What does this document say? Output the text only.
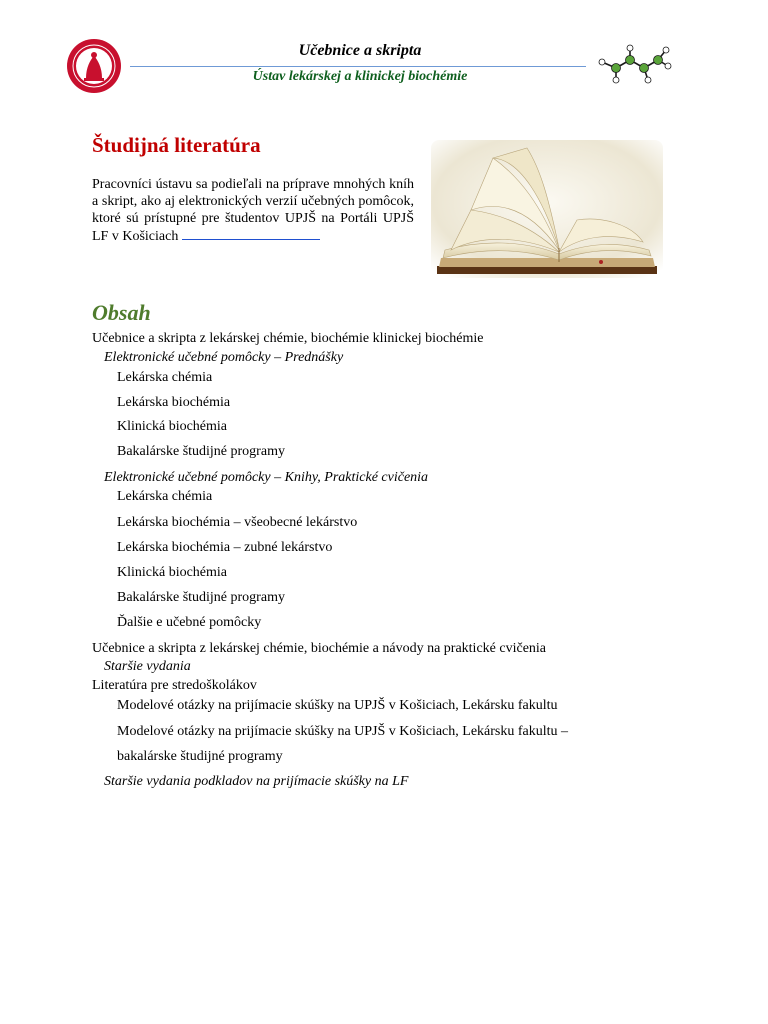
Učebnice a skripta
Ústav lekárskej a klinickej biochémie
Študijná literatúra
Pracovníci ústavu sa podieľali na príprave mnohých kníh a skript, ako aj elektronických verzií učebných pomôcok, ktoré sú prístupné pre študentov UPJŠ na Portáli UPJŠ LF v Košiciach
Obsah
Učebnice a skripta z lekárskej chémie, biochémie klinickej biochémie
Elektronické učebné pomôcky – Prednášky
Lekárska chémia
Lekárska biochémia
Klinická biochémia
Bakalárske študijné programy
Elektronické učebné pomôcky – Knihy, Praktické cvičenia
Lekárska chémia
Lekárska biochémia – všeobecné lekárstvo
Lekárska biochémia – zubné lekárstvo
Klinická biochémia
Bakalárske študijné programy
Ďalšie e učebné pomôcky
Učebnice a skripta z lekárskej chémie, biochémie a návody na praktické cvičenia
Staršie vydania
Literatúra pre stredoškolákov
Modelové otázky na prijímacie skúšky na UPJŠ v Košiciach, Lekársku fakultu
Modelové otázky na prijímacie skúšky na UPJŠ v Košiciach, Lekársku fakultu –
bakalárske študijné programy
Staršie vydania podkladov na prijímacie skúšky na LF
